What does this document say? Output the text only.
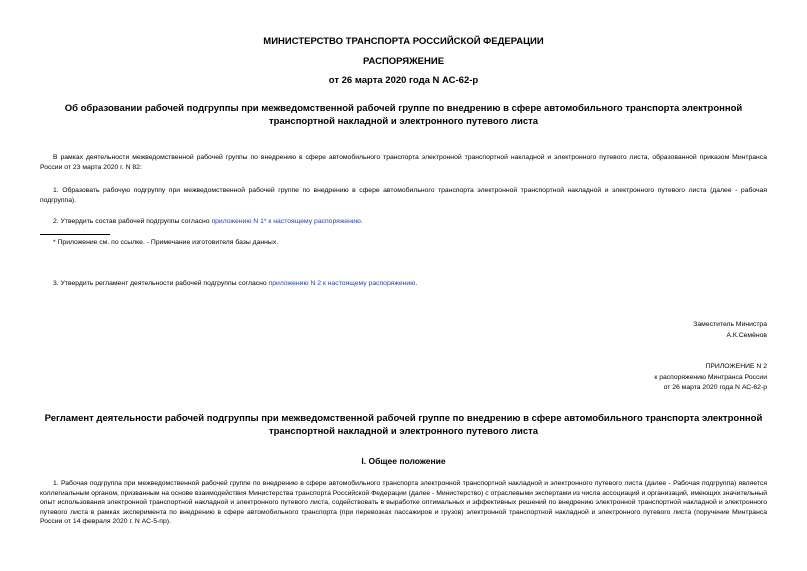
МИНИСТЕРСТВО ТРАНСПОРТА РОССИЙСКОЙ ФЕДЕРАЦИИ
РАСПОРЯЖЕНИЕ
от 26 марта 2020 года N АС-62-р
Об образовании рабочей подгруппы при межведомственной рабочей группе по внедрению в сфере автомобильного транспорта электронной транспортной накладной и электронного путевого листа
В рамках деятельности межведомственной рабочей группы по внедрению в сфере автомобильного транспорта электронной транспортной накладной и электронного путевого листа, образованной приказом Минтранса России от 23 марта 2020 г. N 82:
1. Образовать рабочую подгруппу при межведомственной рабочей группе по внедрению в сфере автомобильного транспорта электронной транспортной накладной и электронного путевого листа (далее - рабочая подгруппа).
2. Утвердить состав рабочей подгруппы согласно приложению N 1* к настоящему распоряжению.
* Приложение см. по ссылке. - Примечание изготовителя базы данных.
3. Утвердить регламент деятельности рабочей подгруппы согласно приложению N 2 к настоящему распоряжению.
Заместитель Министра
А.К.Семёнов
ПРИЛОЖЕНИЕ N 2
к распоряжению Минтранса России
от 26 марта 2020 года N АС-62-р
Регламент деятельности рабочей подгруппы при межведомственной рабочей группе по внедрению в сфере автомобильного транспорта электронной транспортной накладной и электронного путевого листа
I. Общее положение
1. Рабочая подгруппа при межведомственной рабочей группе по внедрению в сфере автомобильного транспорта электронной транспортной накладной и электронного путевого листа (далее - Рабочая подгруппа) является коллегиальным органом, призванным на основе взаимодействия Министерства транспорта Российской Федерации (далее - Министерство) с отраслевыми экспертами из числа ассоциаций и организаций, имеющих значительный опыт использования электронной транспортной накладной и электронного путевого листа, содействовать в выработке оптимальных и эффективных решений по внедрению электронной транспортной накладной и электронного путевого листа в рамках эксперимента по внедрению в сфере автомобильного транспорта (при перевозках пассажиров и грузов) электронной транспортной накладной и электронного путевого листа (поручение Минтранса России от 14 февраля 2020 г. N АС-5-пр).
